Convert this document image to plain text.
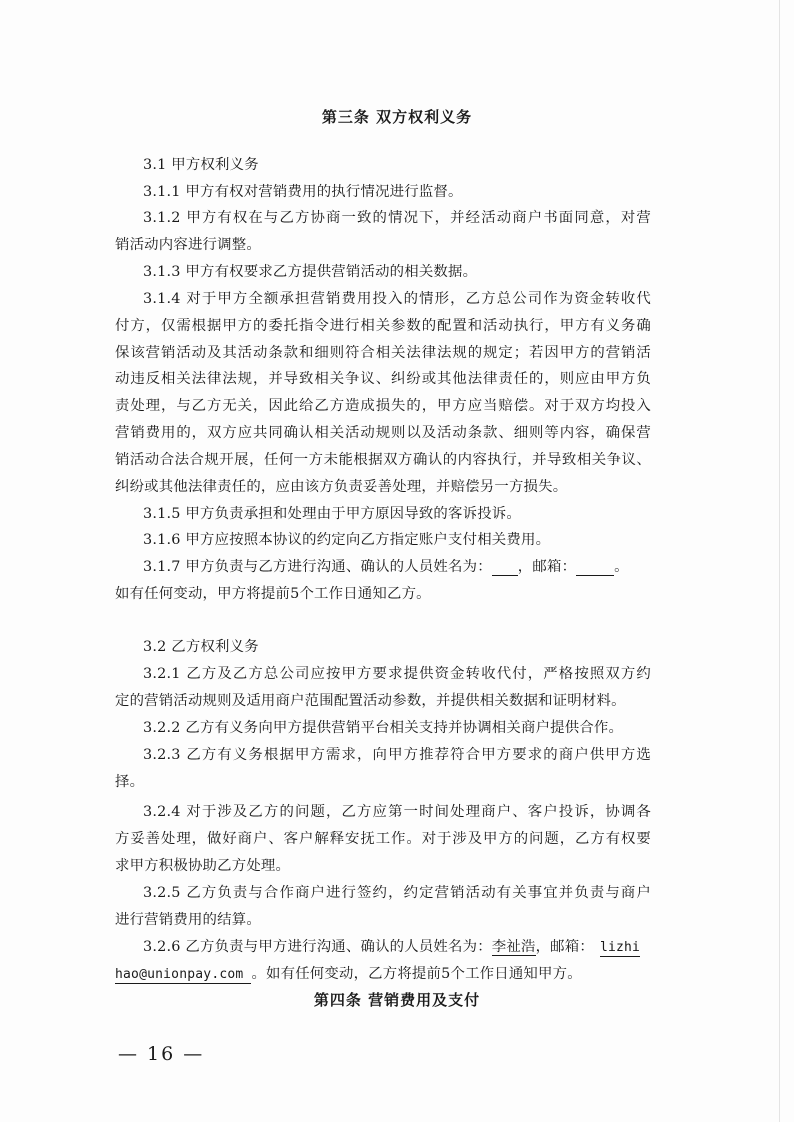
第三条 双方权利义务
3.1 甲方权利义务
3.1.1 甲方有权对营销费用的执行情况进行监督。
3.1.2 甲方有权在与乙方协商一致的情况下，并经活动商户书面同意，对营
销活动内容进行调整。
3.1.3 甲方有权要求乙方提供营销活动的相关数据。
3.1.4 对于甲方全额承担营销费用投入的情形，乙方总公司作为资金转收代
付方，仅需根据甲方的委托指令进行相关参数的配置和活动执行，甲方有义务确
保该营销活动及其活动条款和细则符合相关法律法规的规定；若因甲方的营销活
动违反相关法律法规，并导致相关争议、纠纷或其他法律责任的，则应由甲方负
责处理，与乙方无关，因此给乙方造成损失的，甲方应当赔偿。对于双方均投入
营销费用的，双方应共同确认相关活动规则以及活动条款、细则等内容，确保营
销活动合法合规开展，任何一方未能根据双方确认的内容执行，并导致相关争议、
纠纷或其他法律责任的，应由该方负责妥善处理，并赔偿另一方损失。
3.1.5 甲方负责承担和处理由于甲方原因导致的客诉投诉。
3.1.6 甲方应按照本协议的约定向乙方指定账户支付相关费用。
3.1.7 甲方负责与乙方进行沟通、确认的人员姓名为： ，邮箱：	。
如有任何变动，甲方将提前5个工作日通知乙方。
3.2 乙方权利义务
3.2.1 乙方及乙方总公司应按甲方要求提供资金转收代付，严格按照双方约
定的营销活动规则及适用商户范围配置活动参数，并提供相关数据和证明材料。
3.2.2 乙方有义务向甲方提供营销平台相关支持并协调相关商户提供合作。
3.2.3 乙方有义务根据甲方需求，向甲方推荐符合甲方要求的商户供甲方选
择。
3.2.4 对于涉及乙方的问题，乙方应第一时间处理商户、客户投诉，协调各
方妥善处理，做好商户、客户解释安抚工作。对于涉及甲方的问题，乙方有权要
求甲方积极协助乙方处理。
3.2.5 乙方负责与合作商户进行签约，约定营销活动有关事宜并负责与商户
进行营销费用的结算。
3.2.6 乙方负责与甲方进行沟通、确认的人员姓名为：李祉浩，邮箱： lizhi
hao@unionpay.com 。如有任何变动，乙方将提前5个工作日通知甲方。
第四条 营销费用及支付
— 16 —
